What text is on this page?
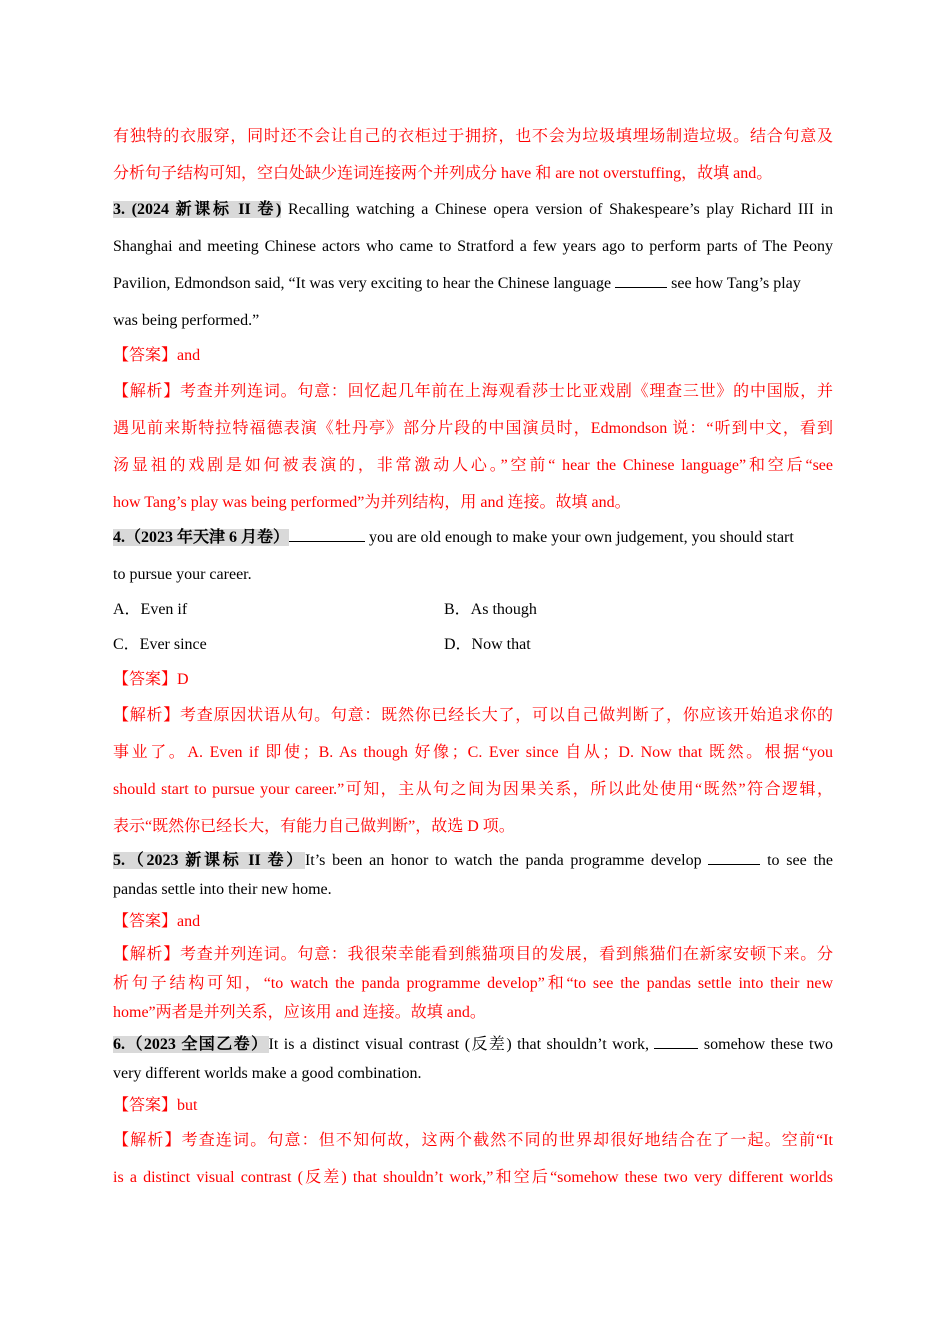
有独特的衣服穿，同时还不会让自己的衣柜过于拥挤，也不会为垃圾填埋场制造垃圾。结合句意及
分析句子结构可知，空白处缺少连词连接两个并列成分 have 和 are not overstuffing，故填 and。
3. (2024 新课标 II 卷) Recalling watching a Chinese opera version of Shakespeare’s play Richard III in
Shanghai and meeting Chinese actors who came to Stratford a few years ago to perform parts of The Peony
Pavilion, Edmondson said, “It was very exciting to hear the Chinese language	see how Tang’s play
was being performed.”
【答案】and
【解析】考查并列连词。句意：回忆起几年前在上海观看莎士比亚戏剧《理查三世》的中国版，并
遇见前来斯特拉特福德表演《牡丹亭》部分片段的中国演员时，Edmondson 说：“听到中文，看到
汤显祖的戏剧是如何被表演的，非常激动人心。”空前“ hear the Chinese language”和空后“see
how Tang’s play was being performed”为并列结构，用 and 连接。故填 and。
4.（2023 年天津 6 月卷）	you are old enough to make your own judgement, you should start
to pursue your career.
A．Even if	B．As though
C．Ever since	D．Now that
【答案】D
【解析】考查原因状语从句。句意：既然你已经长大了，可以自己做判断了，你应该开始追求你的
事业了。A. Even if 即使；B. As though 好像；C. Ever since 自从；D. Now that 既然。根据“you
should start to pursue your career.”可知，主从句之间为因果关系，所以此处使用“既然”符合逻辑，
表示“既然你已经长大，有能力自己做判断”，故选 D 项。
5.（2023 新课标 II 卷）It’s been an honor to watch the panda programme develop	to see the
pandas settle into their new home.
【答案】and
【解析】考查并列连词。句意：我很荣幸能看到熊猫项目的发展，看到熊猫们在新家安顿下来。分
析句子结构可知，“to watch the panda programme develop”和“to see the pandas settle into their new
home”两者是并列关系，应该用 and 连接。故填 and。
6.（2023 全国乙卷）It is a distinct visual contrast (反差) that shouldn’t work,	somehow these two
very different worlds make a good combination.
【答案】but
【解析】考查连词。句意：但不知何故，这两个截然不同的世界却很好地结合在了一起。空前“It
is a distinct visual contrast (反差) that shouldn’t work,”和空后“somehow these two very different worlds
